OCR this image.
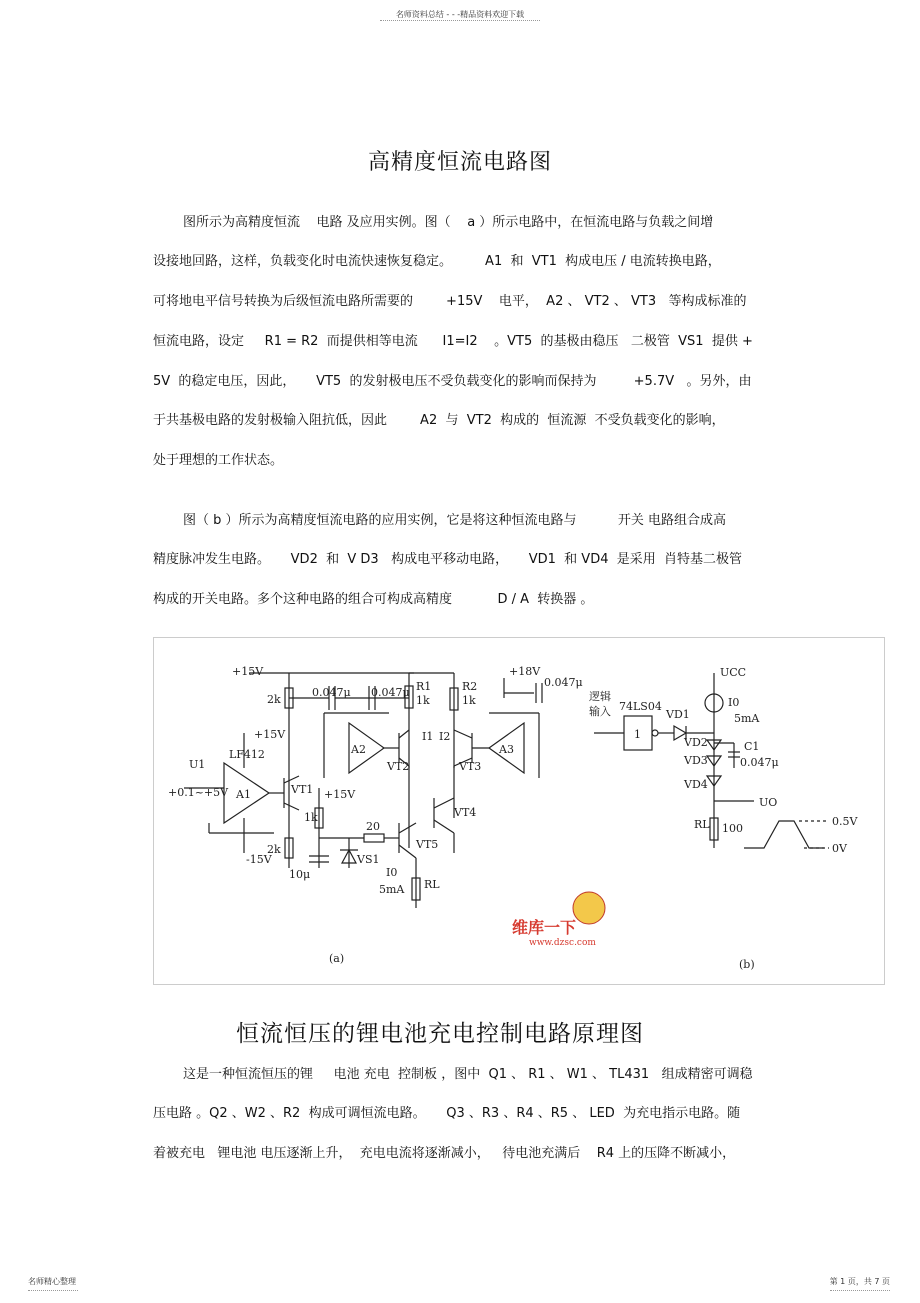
名师资料总结 - - -精品资料欢迎下载
高精度恒流电路图
图所示为高精度恒流    电路 及应用实例。图（    a ）所示电路中，在恒流电路与负载之间增
设接地回路，这样，负载变化时电流快速恢复稳定。        A1  和  VT1  构成电压 / 电流转换电路，
可将地电平信号转换为后级恒流电路所需要的        +15V    电平，  A2 、 VT2 、 VT3   等构成标准的
恒流电路，设定     R1 = R2  而提供相等电流      I1=I2    。VT5  的基极由稳压   二极管  VS1  提供 +
5V  的稳定电压，因此，     VT5  的发射极电压不受负载变化的影响而保持为         +5.7V   。另外，由
于共基极电路的发射极输入阻抗低，因此        A2  与  VT2  构成的  恒流源  不受负载变化的影响，
处于理想的工作状态。
图（ b ）所示为高精度恒流电路的应用实例，它是将这种恒流电路与          开关 电路组合成高
精度脉冲发生电路。     VD2  和  V D3   构成电平移动电路，     VD1  和 VD4  是采用  肖特基二极管
构成的开关电路。多个这种电路的组合可构成高精度           D / A  转换器 。
+15V	+18V
-15V
2k
0.047μ 0.047μ
0.047μ
R1
1k
R2
1k
A1
A2	A3
LF412
U1
+0.1~+5V	VT1
VT2	VT3
VT4
VT5
+15V
+15V
1k
20
2k
10μ
VS1
I0
5mA RL
I1 I2
(a)	(b)
逻辑
输入 74LS04
1
VD1
VD2
VD3
VD4
UCC
I0
5mA
C1
0.047μ
UO
RL 100
0.5V
0V
维库一下
www.dzsc.com
恒流恒压的锂电池充电控制电路原理图
这是一种恒流恒压的锂     电池 充电  控制板 ，图中  Q1 、 R1 、 W1 、 TL431   组成精密可调稳
压电路 。Q2 、W2 、R2  构成可调恒流电路。     Q3 、R3 、R4 、R5 、 LED  为充电指示电路。随
着被充电   锂电池 电压逐渐上升，  充电电流将逐渐减小，   待电池充满后    R4 上的压降不断减小，
名师精心整理	第 1 页，共 7 页
